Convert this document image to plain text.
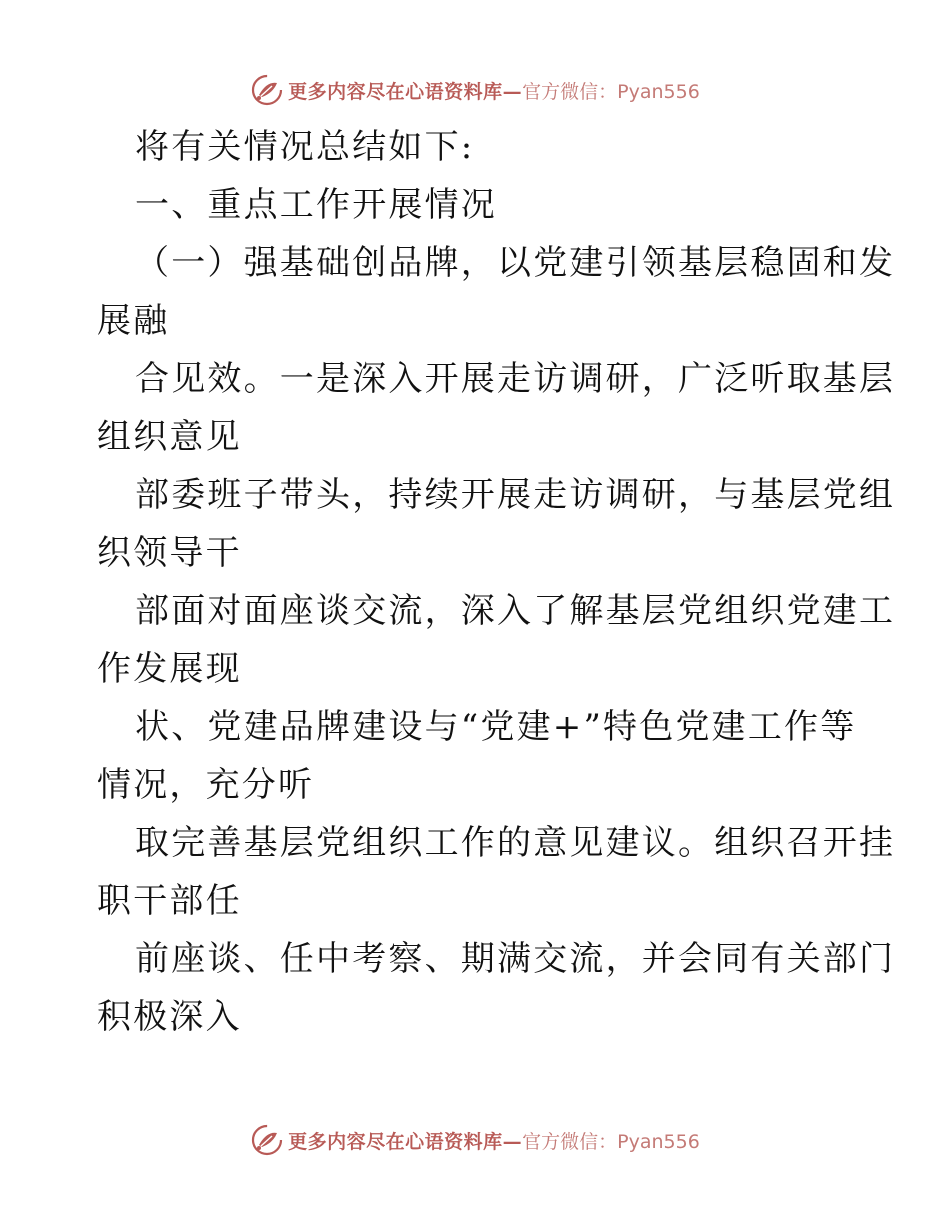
更多内容尽在心语资料库— 官方微信：Pyan556
将有关情况总结如下:
一、重点工作开展情况
（一）强基础创品牌，以党建引领基层稳固和发
展融
合见效。一是深入开展走访调研，广泛听取基层
组织意见
部委班子带头，持续开展走访调研，与基层党组
织领导干
部面对面座谈交流，深入了解基层党组织党建工
作发展现
状、党建品牌建设与“党建+”特色党建工作等
情况，充分听
取完善基层党组织工作的意见建议。组织召开挂
职干部任
前座谈、任中考察、期满交流，并会同有关部门
积极深入
更多内容尽在心语资料库— 官方微信：Pyan556
